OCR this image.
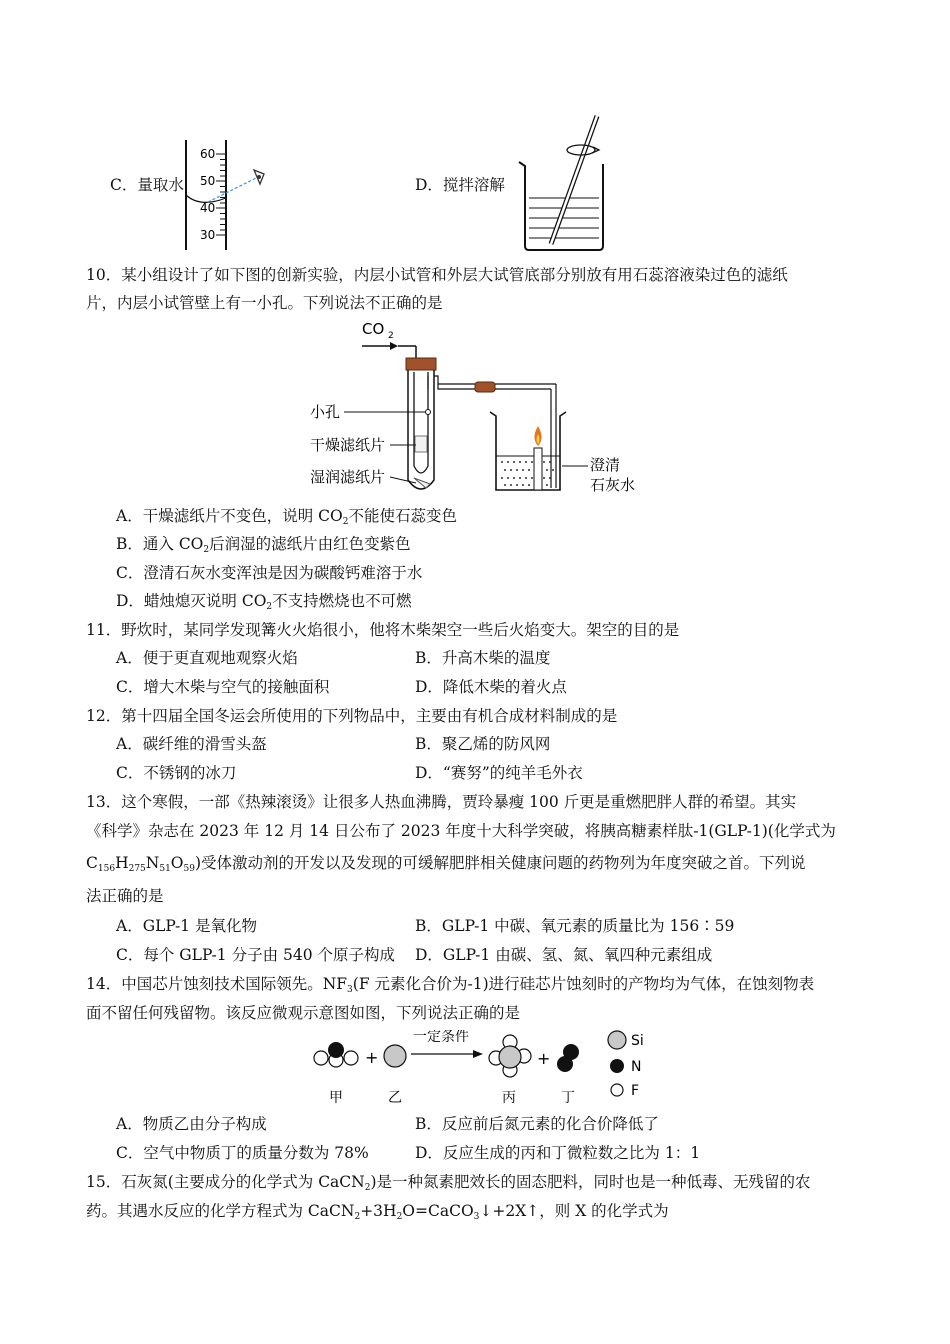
C．量取水
60
50
40
30
D．搅拌溶解
10．某小组设计了如下图的创新实验，内层小试管和外层大试管底部分别放有用石蕊溶液染过色的滤纸
片，内层小试管壁上有一小孔。下列说法不正确的是
CO 2
小孔
干燥滤纸片
湿润滤纸片
澄清
石灰水
A．干燥滤纸片不变色，说明 $CO_2$不能使石蕊变色
B．通入 $CO_2$后润湿的滤纸片由红色变紫色
C．澄清石灰水变浑浊是因为碳酸钙难溶于水
D．蜡烛熄灭说明 $CO_2$不支持燃烧也不可燃
11．野炊时，某同学发现篝火火焰很小，他将木柴架空一些后火焰变大。架空的目的是
A．便于更直观地观察火焰	B．升高木柴的温度
C．增大木柴与空气的接触面积	D．降低木柴的着火点
12．第十四届全国冬运会所使用的下列物品中，主要由有机合成材料制成的是
A．碳纤维的滑雪头盔	B．聚乙烯的防风网
C．不锈钢的冰刀	D．“赛努”的纯羊毛外衣
13．这个寒假，一部《热辣滚烫》让很多人热血沸腾，贾玲暴瘦 100 斤更是重燃肥胖人群的希望。其实
《科学》杂志在 2023 年 12 月 14 日公布了 2023 年度十大科学突破，将胰高糖素样肽-1(GLP-1)(化学式为
$C_{156}H_{275}N_{51}O_{59}$)受体激动剂的开发以及发现的可缓解肥胖相关健康问题的药物列为年度突破之首。下列说
法正确的是
A．GLP-1 是氧化物	B．GLP-1 中碳、氧元素的质量比为 156∶59
C．每个 GLP-1 分子由 540 个原子构成 D．GLP-1 由碳、氢、氮、氧四种元素组成
14．中国芯片蚀刻技术国际领先。$NF_3(F$ 元素化合价为-1)进行硅芯片蚀刻时的产物均为气体，在蚀刻物表
面不留任何残留物。该反应微观示意图如图，下列说法正确的是
+
一定条件
+
甲	乙	丙	丁
Si
N
F
A．物质乙由分子构成	B．反应前后氮元素的化合价降低了
C．空气中物质丁的质量分数为 78%	D．反应生成的丙和丁微粒数之比为 1：1
15．石灰氮(主要成分的化学式为 CaCN$_2$)是一种氮素肥效长的固态肥料，同时也是一种低毒、无残留的农
药。其遇水反应的化学方程式为 $CaCN_2+3H_2O=CaCO_3↓+2X↑$，则 X 的化学式为
